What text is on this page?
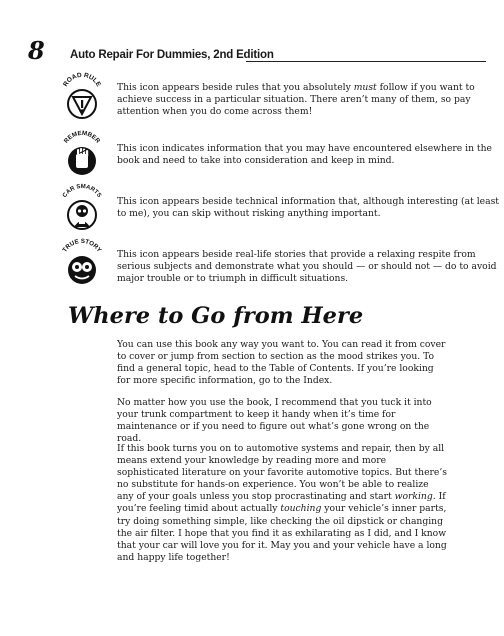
8 Auto Repair For Dummies, 2nd Edition
ROAD RULE This icon appears beside rules that you absolutely must follow if you want to achieve success in a particular situation. There aren’t many of them, so pay attention when you do come across them!
REMEMBER
This icon indicates information that you may have encountered elsewhere in the book and need to take into consideration and keep in mind.
CAR SMARTS
This icon appears beside technical information that, although interesting (at least to me), you can skip without risking anything important.
TRUE STORY This icon appears beside real-life stories that provide a relaxing respite from serious subjects and demonstrate what you should — or should not — do to avoid major trouble or to triumph in difficult situations.
Where to Go from Here

You can use this book any way you want to. You can read it from cover to cover or jump from section to section as the mood strikes you. To find a general topic, head to the Table of Contents. If you’re looking for more specific information, go to the Index.

No matter how you use the book, I recommend that you tuck it into your trunk compartment to keep it handy when it’s time for maintenance or if you need to figure out what’s gone wrong on the road.

If this book turns you on to automotive systems and repair, then by all means extend your knowledge by reading more and more sophisticated literature on your favorite automotive topics. But there’s no substitute for hands-on experience. You won’t be able to realize any of your goals unless you stop procrastinating and start working. If you’re feeling timid about actually touching your vehicle’s inner parts, try doing something simple, like checking the oil dipstick or changing the air filter. I hope that you find it as exhilarating as I did, and I know that your car will love you for it. May you and your vehicle have a long and happy life together!
